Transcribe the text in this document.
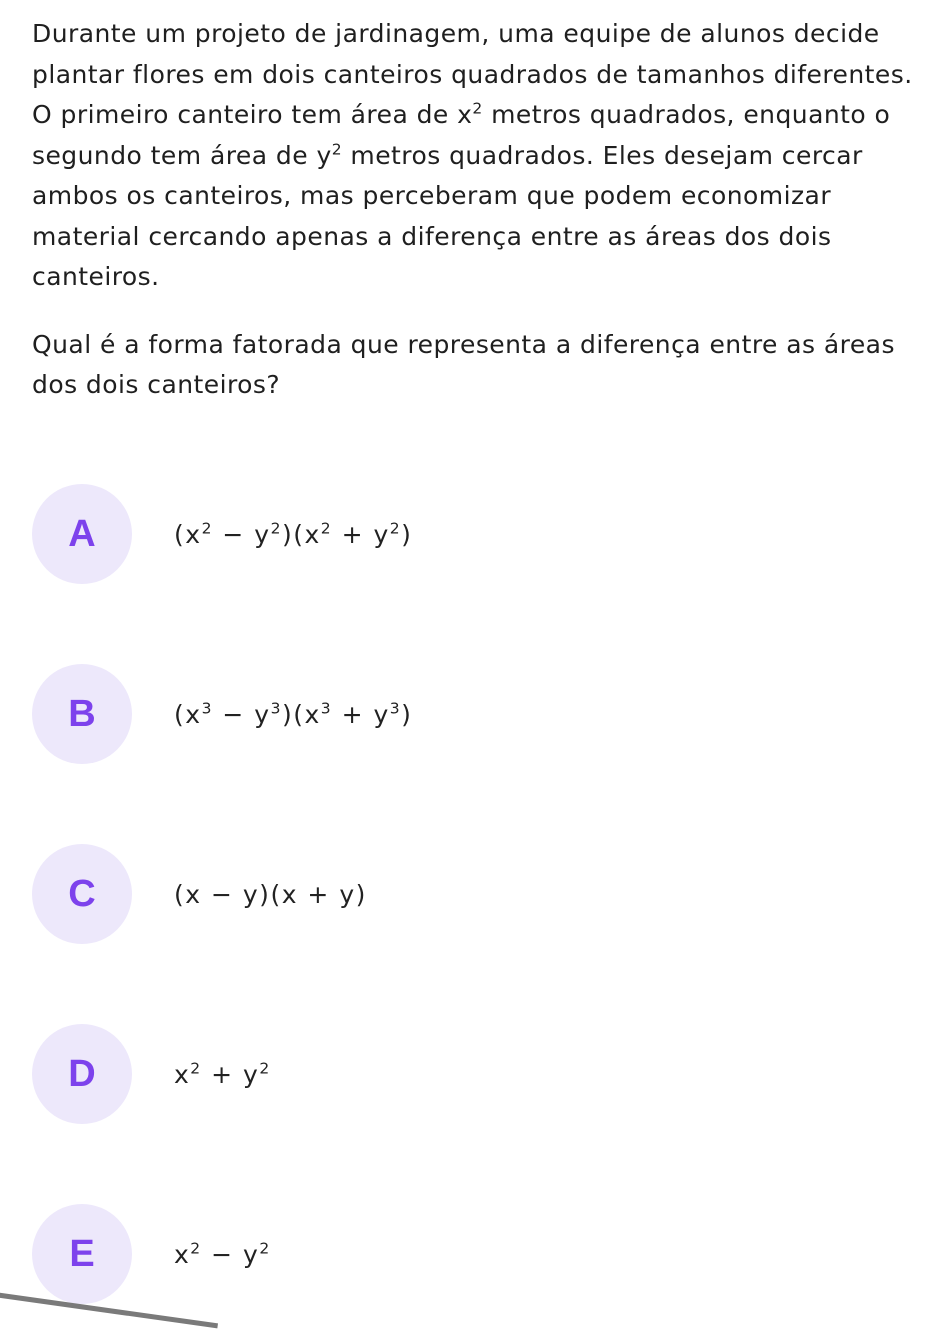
Durante um projeto de jardinagem, uma equipe de alunos decide plantar flores em dois canteiros quadrados de tamanhos diferentes. O primeiro canteiro tem área de $x^2$ metros quadrados, enquanto o segundo tem área de $y^2$ metros quadrados. Eles desejam cercar ambos os canteiros, mas perceberam que podem economizar material cercando apenas a diferença entre as áreas dos dois canteiros.

Qual é a forma fatorada que representa a diferença entre as áreas dos dois canteiros?

A	$(x^2 - y^2)(x^2 + y^2)$
B	$(x^3 - y^3)(x^3 + y^3)$
C	(x − y)(x + y)
D	$x^2 + y^2$
E	$x^2 - y^2$
